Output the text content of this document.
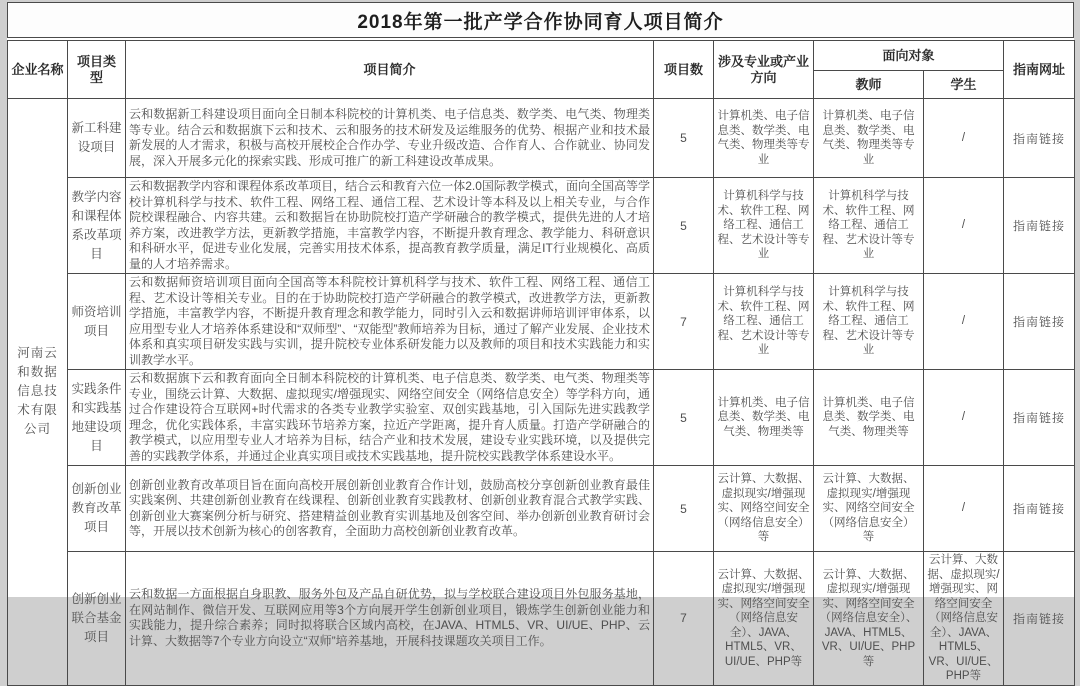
2018年第一批产学合作协同育人项目简介
企业名称	项目类型	项目简介	项目数	涉及专业或产业方向	面向对象		指南网址
					教师	学生	
河南云和数据信息技术有限公司	新工科建设项目	云和数据新工科建设项目面向全日制本科院校的计算机类、电子信息类、数学类、电气类、物理类等专业。结合云和数据旗下云和技术、云和服务的技术研发及运维服务的优势、根据产业和技术最新发展的人才需求，积极与高校开展校企合作办学、专业升级改造、合作育人、合作就业、协同发展，深入开展多元化的探索实践、形成可推广的新工科建设改革成果。	5	计算机类、电子信息类、数学类、电气类、物理类等专业	计算机类、电子信息类、数学类、电气类、物理类等专业	/	指南链接
	教学内容和课程体系改革项目	云和数据教学内容和课程体系改革项目，结合云和教育六位一体2.0国际教学模式，面向全国高等学校计算机科学与技术、软件工程、网络工程、通信工程、艺术设计等本科及以上相关专业，与合作院校课程融合、内容共建。云和数据旨在协助院校打造产学研融合的教学模式，提供先进的人才培养方案，改进教学方法，更新教学措施，丰富教学内容，不断提升教育理念、教学能力、科研意识和科研水平，促进专业化发展，完善实用技术体系，提高教育教学质量，满足IT行业规模化、高质量的人才培养需求。	5	计算机科学与技术、软件工程、网络工程、通信工程、艺术设计等专业	计算机科学与技术、软件工程、网络工程、通信工程、艺术设计等专业	/	指南链接
	师资培训项目	云和数据师资培训项目面向全国高等本科院校计算机科学与技术、软件工程、网络工程、通信工程、艺术设计等相关专业。目的在于协助院校打造产学研融合的教学模式，改进教学方法，更新教学措施，丰富教学内容，不断提升教育理念和教学能力，同时引入云和数据讲师培训评审体系，以应用型专业人才培养体系建设和“双师型”、“双能型”教师培养为目标，通过了解产业发展、企业技术体系和真实项目研发实践与实训，提升院校专业体系研发能力以及教师的项目和技术实践能力和实训教学水平。	7	计算机科学与技术、软件工程、网络工程、通信工程、艺术设计等专业	计算机科学与技术、软件工程、网络工程、通信工程、艺术设计等专业	/	指南链接
	实践条件和实践基地建设项目	云和数据旗下云和教育面向全日制本科院校的计算机类、电子信息类、数学类、电气类、物理类等专业，围绕云计算、大数据、虚拟现实/增强现实、网络空间安全（网络信息安全）等学科方向，通过合作建设符合互联网+时代需求的各类专业教学实验室、双创实践基地，引入国际先进实践教学理念，优化实践体系，丰富实践环节培养方案，拉近产学距离，提升育人质量。打造产学研融合的教学模式，以应用型专业人才培养为目标，结合产业和技术发展，建设专业实践环境，以及提供完善的实践教学体系，并通过企业真实项目或技术实践基地，提升院校实践教学体系建设水平。	5	计算机类、电子信息类、数学类、电气类、物理类等	计算机类、电子信息类、数学类、电气类、物理类等	/	指南链接
	创新创业教育改革项目	创新创业教育改革项目旨在面向高校开展创新创业教育合作计划，鼓励高校分享创新创业教育最佳实践案例、共建创新创业教育在线课程、创新创业教育实践教材、创新创业教育混合式教学实践、创新创业大赛案例分析与研究、搭建精益创业教育实训基地及创客空间、举办创新创业教育研讨会等，开展以技术创新为核心的创客教育，全面助力高校创新创业教育改革。	5	云计算、大数据、虚拟现实/增强现实、网络空间安全（网络信息安全）等	云计算、大数据、虚拟现实/增强现实、网络空间安全（网络信息安全）等	/	指南链接
	创新创业联合基金项目	云和数据一方面根据自身职教、服务外包及产品自研优势，拟与学校联合建设项目外包服务基地，在网站制作、微信开发、互联网应用等3个方向展开学生创新创业项目，锻炼学生创新创业能力和实践能力，提升综合素养；同时拟将联合区域内高校，在JAVA、HTML5、VR、UI/UE、PHP、云计算、大数据等7个专业方向设立“双师”培养基地，开展科技课题攻关项目工作。	7	云计算、大数据、虚拟现实/增强现实、网络空间安全（网络信息安全）、JAVA、HTML5、VR、UI/UE、PHP等	云计算、大数据、虚拟现实/增强现实、网络空间安全（网络信息安全）、JAVA、HTML5、VR、UI/UE、PHP等	云计算、大数据、虚拟现实/增强现实、网络空间安全（网络信息安全）、JAVA、HTML5、VR、UI/UE、PHP等	指南链接
